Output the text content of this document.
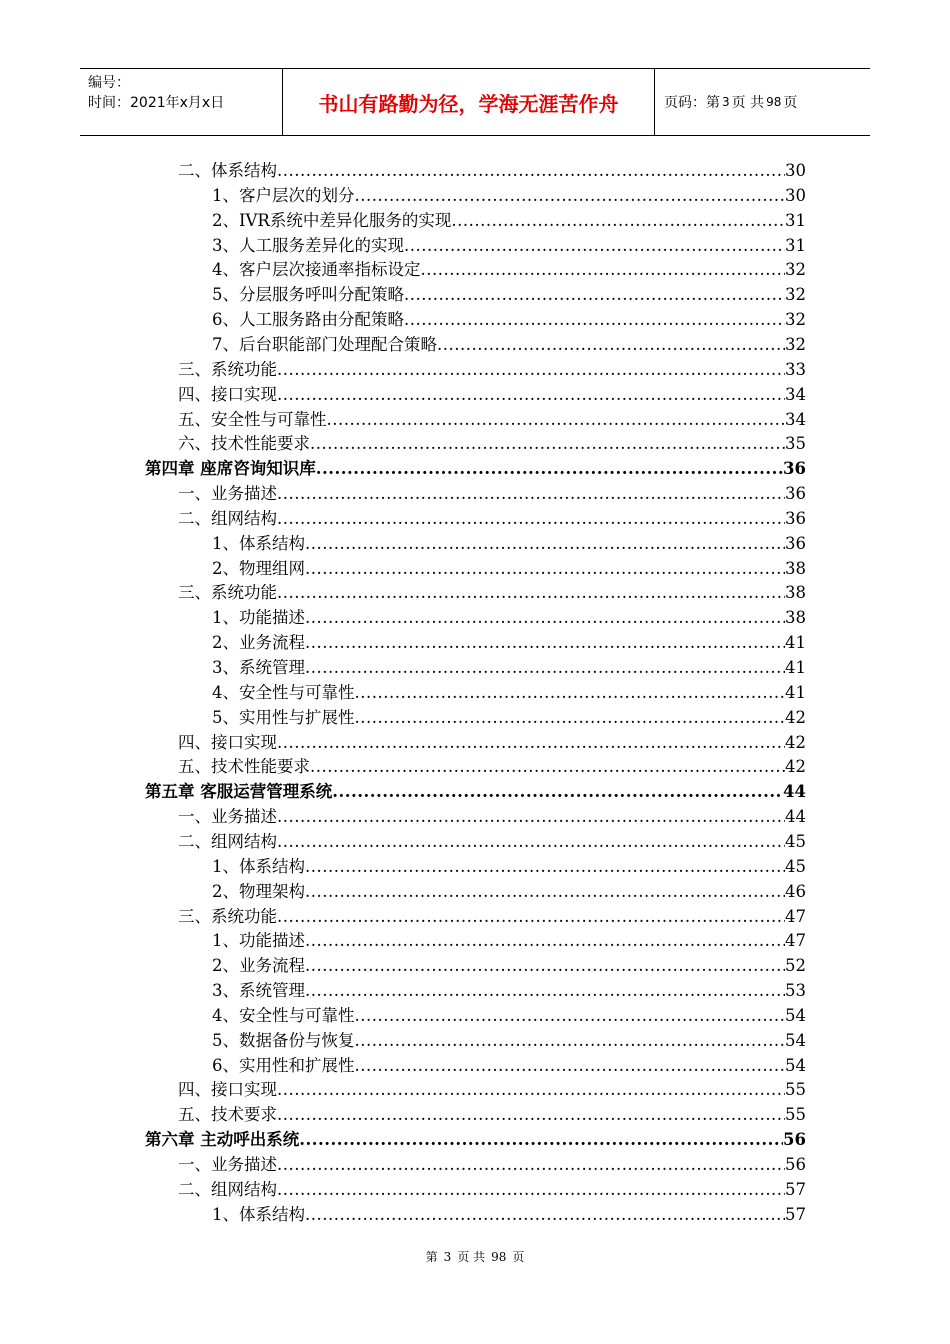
编号：
时间：2021年x月x日	书山有路勤为径，学海无涯苦作舟	页码：第 3 页 共 98 页
二、体系结构 .....	30
1、客户层次的划分 .....	30
2、IVR系统中差异化服务的实现 .....	31
3、人工服务差异化的实现 .....	31
4、客户层次接通率指标设定 .....	32
5、分层服务呼叫分配策略 .....	32
6、人工服务路由分配策略 .....	32
7、后台职能部门处理配合策略 .....	32
三、系统功能 .....	33
四、接口实现 .....	34
五、安全性与可靠性 .....	34
六、技术性能要求 .....	35
第四章 座席咨询知识库 .....	36
一、业务描述 .....	36
二、组网结构 .....	36
1、体系结构 .....	36
2、物理组网 .....	38
三、系统功能 .....	38
1、功能描述 .....	38
2、业务流程 .....	41
3、系统管理 .....	41
4、安全性与可靠性 .....	41
5、实用性与扩展性 .....	42
四、接口实现 .....	42
五、技术性能要求 .....	42
第五章 客服运营管理系统 .....	44
一、业务描述 .....	44
二、组网结构 .....	45
1、体系结构 .....	45
2、物理架构 .....	46
三、系统功能 .....	47
1、功能描述 .....	47
2、业务流程 .....	52
3、系统管理 .....	53
4、安全性与可靠性 .....	54
5、数据备份与恢复 .....	54
6、实用性和扩展性 .....	54
四、接口实现 .....	55
五、技术要求 .....	55
第六章 主动呼出系统 .....	56
一、业务描述 .....	56
二、组网结构 .....	57
1、体系结构 .....	57
第 3 页 共 98 页
